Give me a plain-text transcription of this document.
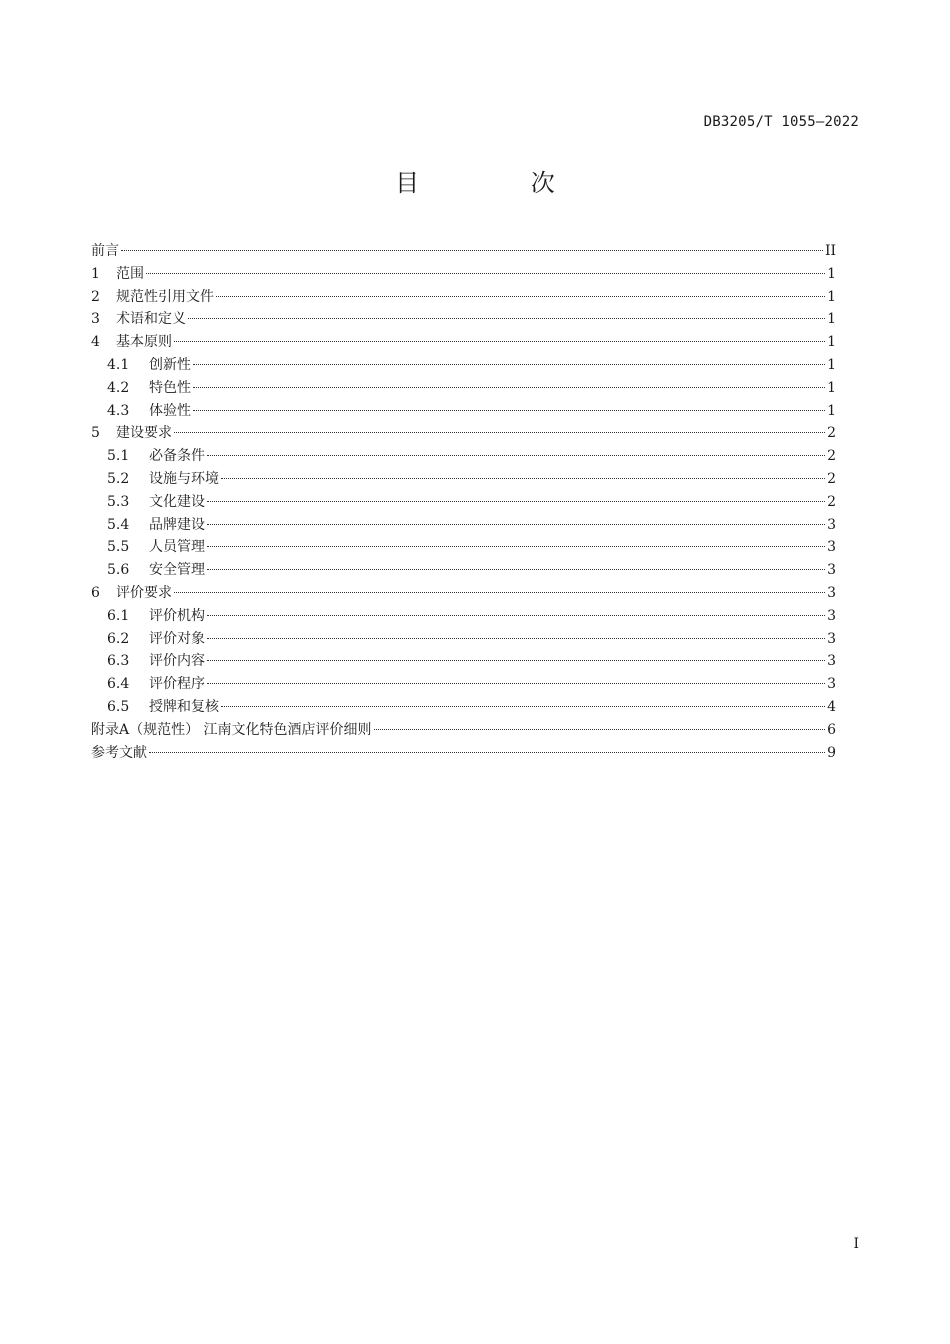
DB3205/T 1055—2022
目 次
前言	II
1	范围	1
2	规范性引用文件	1
3	术语和定义	1
4	基本原则	1
4.1	创新性	1
4.2	特色性	1
4.3	体验性	1
5	建设要求	2
5.1	必备条件	2
5.2	设施与环境	2
5.3	文化建设	2
5.4	品牌建设	3
5.5	人员管理	3
5.6	安全管理	3
6	评价要求	3
6.1	评价机构	3
6.2	评价对象	3
6.3	评价内容	3
6.4	评价程序	3
6.5	授牌和复核	4
附录A（规范性） 江南文化特色酒店评价细则	6
参考文献	9
I
